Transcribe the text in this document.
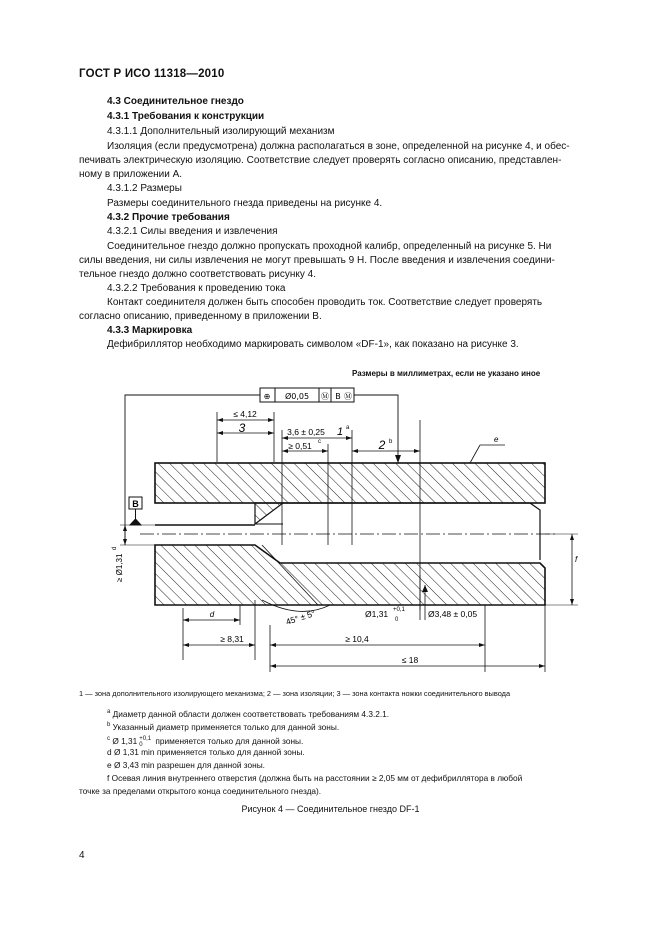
ГОСТ Р ИСО 11318—2010
4.3 Соединительное гнездо
4.3.1 Требования к конструкции
4.3.1.1 Дополнительный изолирующий механизм
Изоляция (если предусмотрена) должна располагаться в зоне, определенной на рисунке 4, и обес-
печивать электрическую изоляцию. Соответствие следует проверять согласно описанию, представлен-
ному в приложении А.
4.3.1.2 Размеры
Размеры соединительного гнезда приведены на рисунке 4.
4.3.2 Прочие требования
4.3.2.1 Силы введения и извлечения
Соединительное гнездо должно пропускать проходной калибр, определенный на рисунке 5. Ни
силы введения, ни силы извлечения не могут превышать 9 Н. После введения и извлечения соедини-
тельное гнездо должно соответствовать рисунку 4.
4.3.2.2 Требования к проведению тока
Контакт соединителя должен быть способен проводить ток. Соответствие следует проверять
согласно описанию, приведенному в приложении В.
4.3.3 Маркировка
Дефибриллятор необходимо маркировать символом «DF-1», как показано на рисунке 3.
Размеры в миллиметрах, если не указано иное
B
⊕ Ø0,05 Ⓜ B Ⓜ
≤ 4,12
3	3,6 ± 0,25 1 a
≥ 0,51 c	2 b	e
≥ Ø1,31
d
f
d	45° ± 5°	Ø1,31 +0,1
0
Ø3,48 ± 0,05
≥ 8,31	≥ 10,4
≤ 18
1 — зона дополнительного изолирующего механизма; 2 — зона изоляции; 3 — зона контакта ножки соединительного вывода
$^a$ Диаметр данной области должен соответствовать требованиям 4.3.2.1.
$^b$ Указанный диаметр применяется только для данной зоны.
$^c$ Ø 1,31 +0,1
0	применяется только для данной зоны.
d Ø 1,31 min применяется только для данной зоны.
e Ø 3,43 min разрешен для данной зоны.
f Осевая линия внутреннего отверстия (должна быть на расстоянии ≥ 2,05 мм от дефибриллятора в любой
точке за пределами открытого конца соединительного гнезда).
Рисунок 4 — Соединительное гнездо DF-1
4
